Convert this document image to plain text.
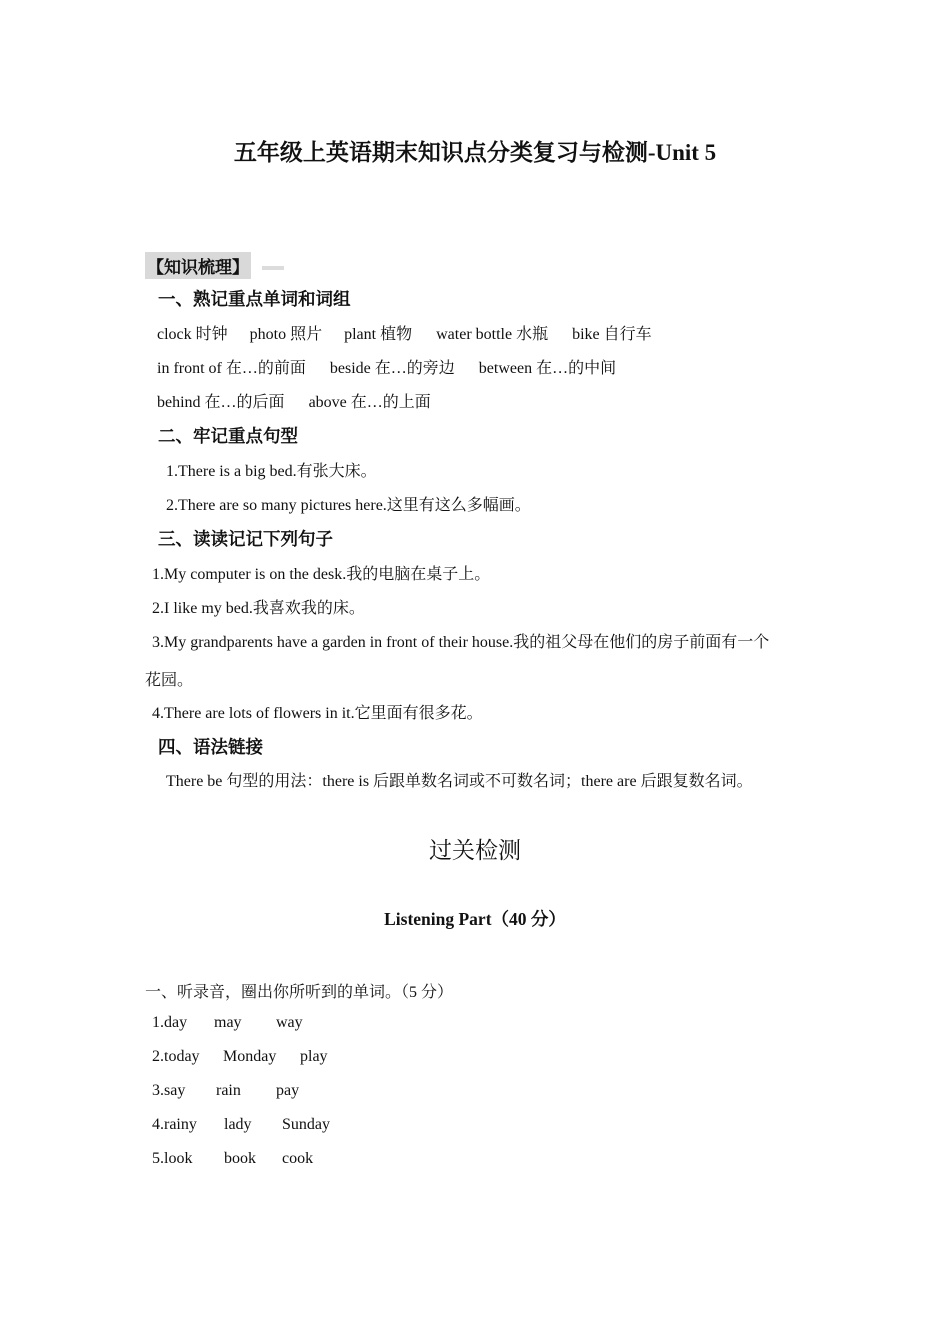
五年级上英语期末知识点分类复习与检测-Unit 5
【知识梳理】
一、熟记重点单词和词组
clock 时钟 photo 照片 plant 植物 water bottle 水瓶 bike 自行车
in front of 在…的前面 beside 在…的旁边 between 在…的中间
behind 在…的后面 above 在…的上面
二、牢记重点句型
1.There is a big bed.有张大床。
2.There are so many pictures here.这里有这么多幅画。
三、读读记记下列句子
1.My computer is on the desk.我的电脑在桌子上。
2.I like my bed.我喜欢我的床。
3.My grandparents have a garden in front of their house.我的祖父母在他们的房子前面有一个
花园。
4.There are lots of flowers in it.它里面有很多花。
四、语法链接
There be 句型的用法：there is 后跟单数名词或不可数名词；there are 后跟复数名词。
过关检测
Listening Part（40 分）
一、听录音，圈出你所听到的单词。（5 分）
1.day may way
2.today Monday play
3.say rain pay
4.rainy lady Sunday
5.look book cook
